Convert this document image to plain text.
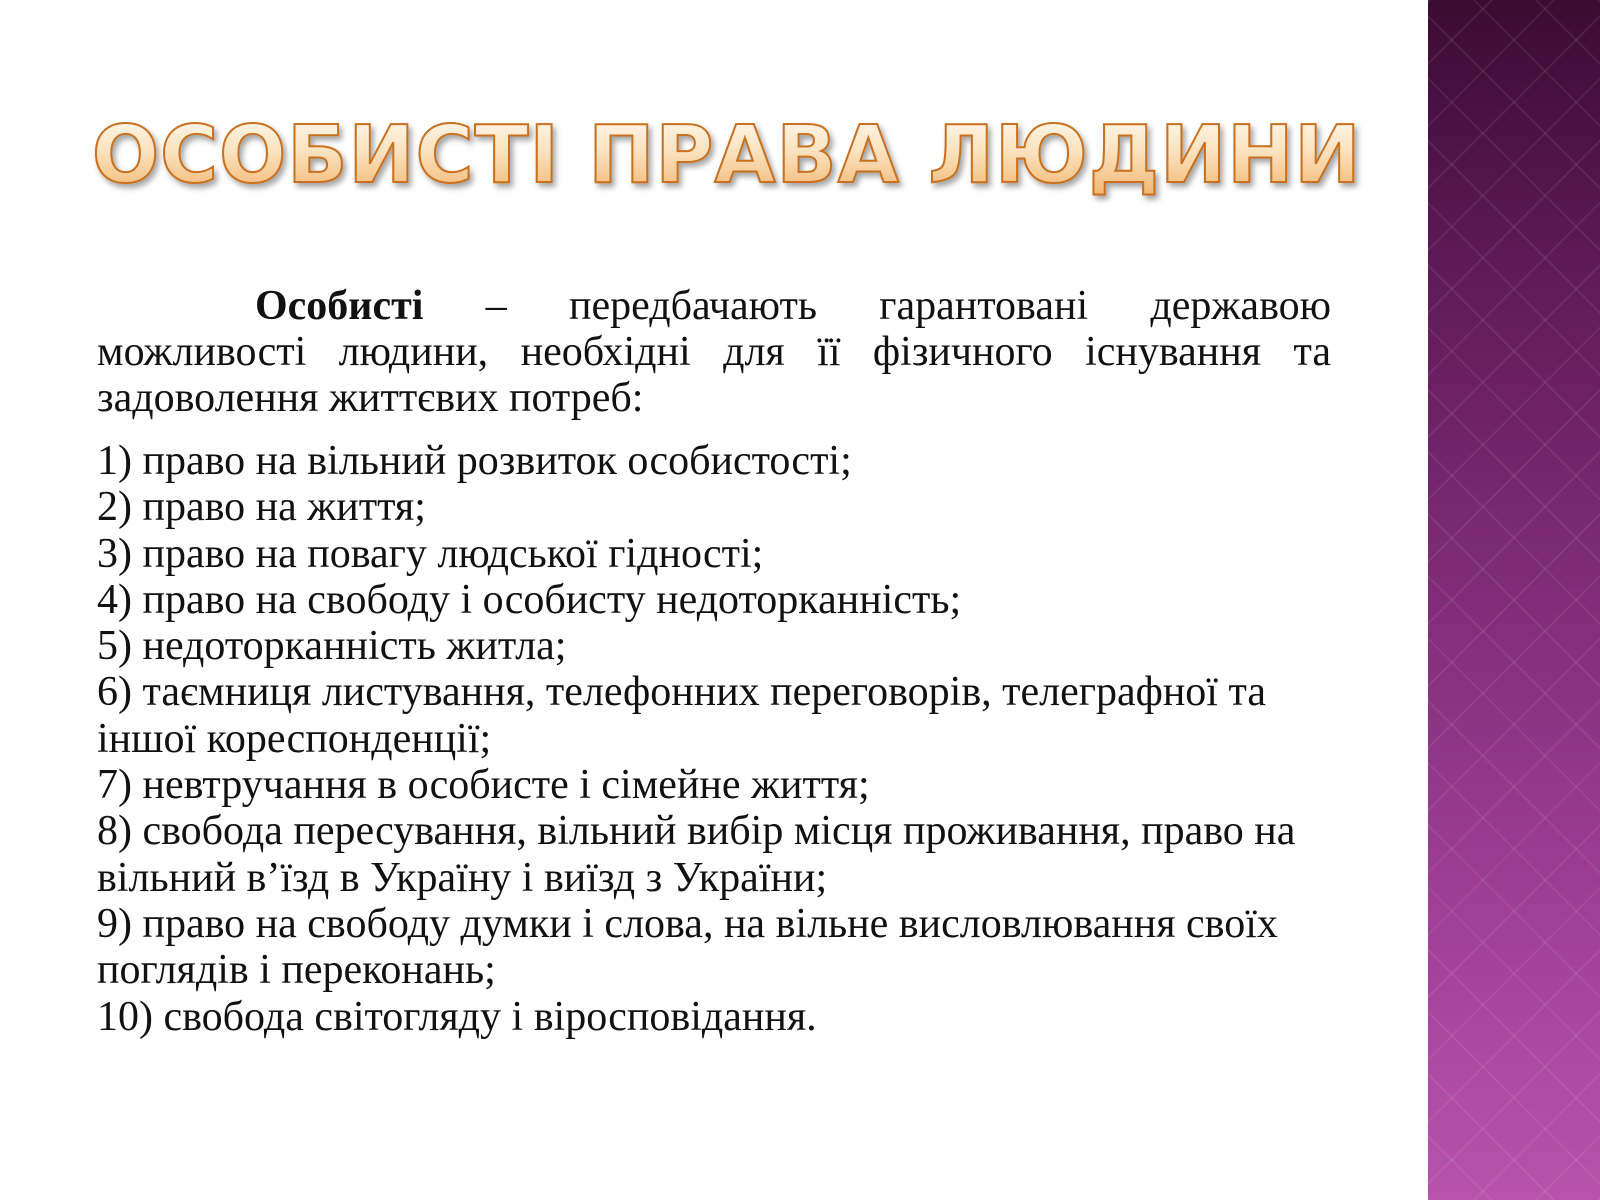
ОСОБИСТІ ПРАВА ЛЮДИНИ

Особисті – передбачають гарантовані державою можливості людини, необхідні для її фізичного існування та задоволення життєвих потреб:

1) право на вільний розвиток особистості;
2) право на життя;
3) право на повагу людської гідності;
4) право на свободу і особисту недоторканність;
5) недоторканність житла;
6) таємниця листування, телефонних переговорів, телеграфної та іншої кореспонденції;
7) невтручання в особисте і сімейне життя;
8) свобода пересування, вільний вибір місця проживання, право на вільний в’їзд в Україну і виїзд з України;
9) право на свободу думки і слова, на вільне висловлювання своїх поглядів і переконань;
10) свобода світогляду і віросповідання.
